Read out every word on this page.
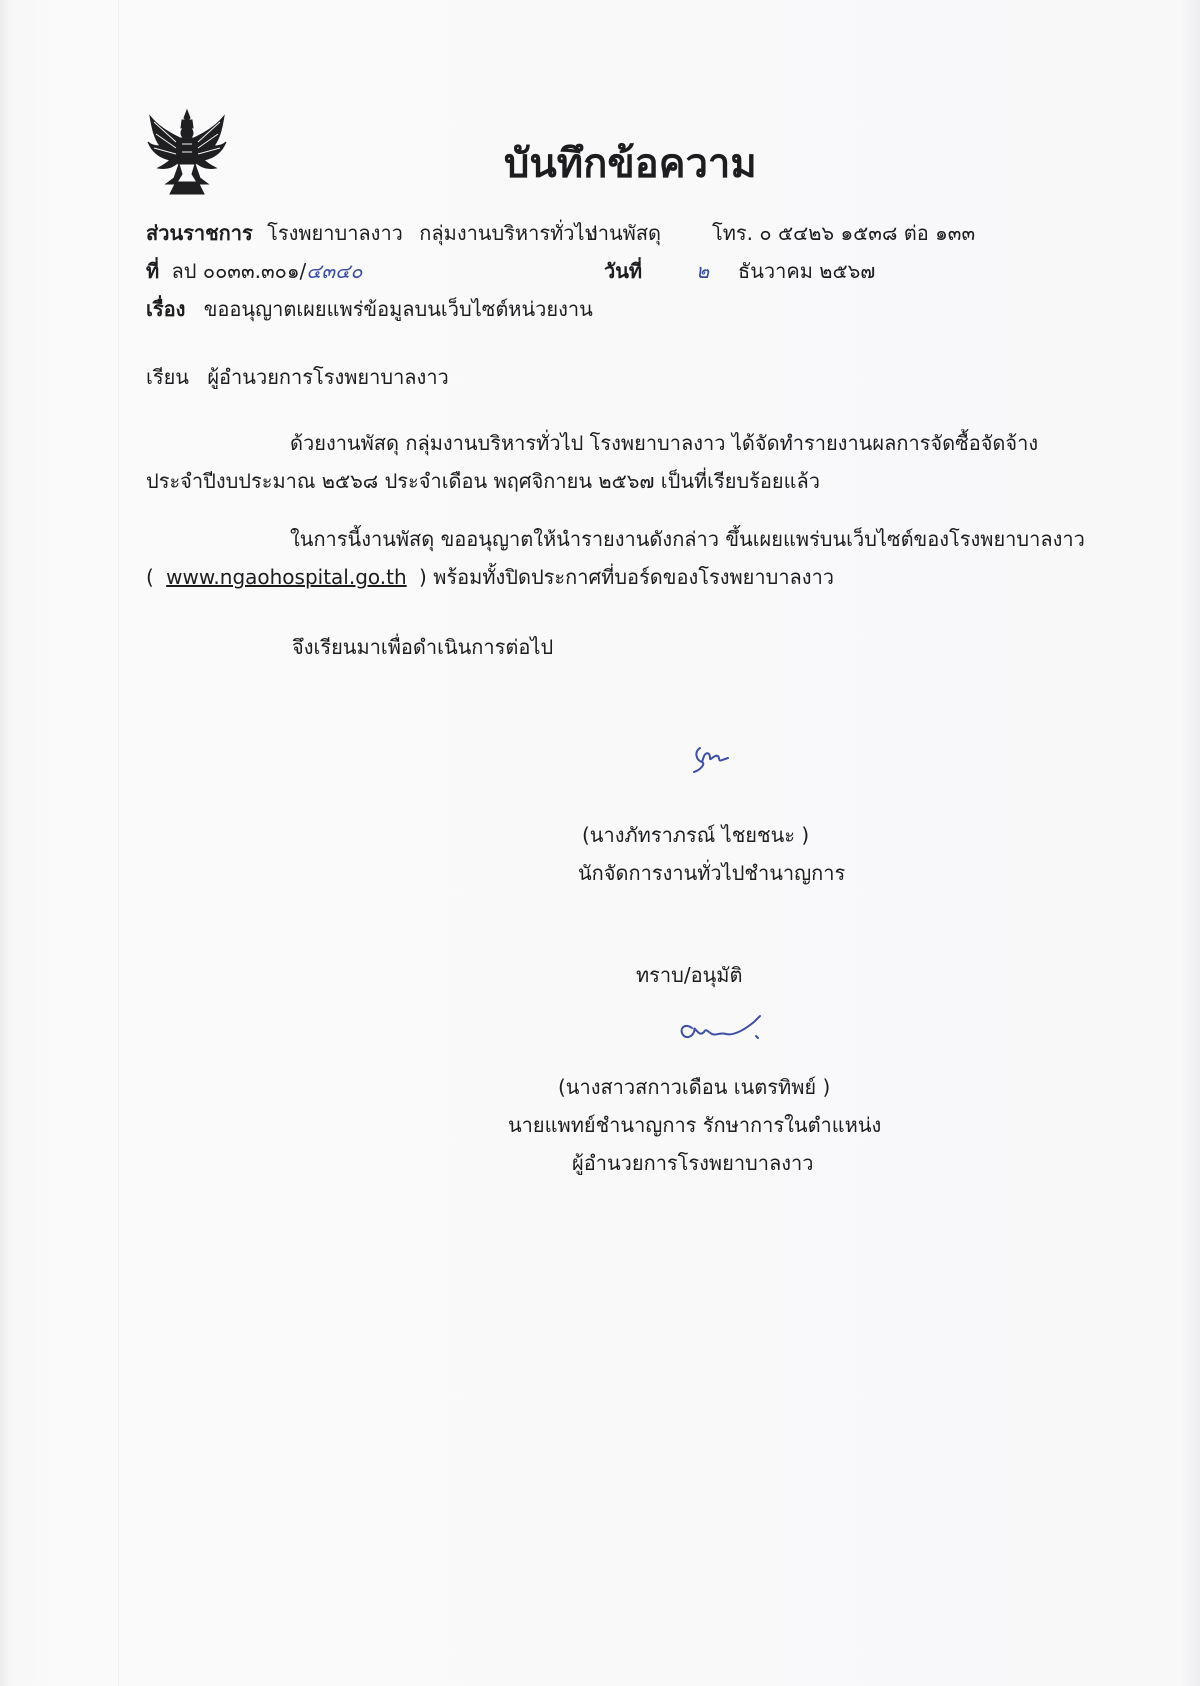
บันทึกข้อความ
ส่วนราชการ โรงพยาบาลงาว กลุ่มงานบริหารทั่วไป
งานพัสดุ	โทร. ๐ ๕๔๒๖ ๑๕๓๘ ต่อ ๑๓๓
ที่ ลป ๐๐๓๓.๓๐๑/๔๓๔๐	วันที่	๒ ธันวาคม ๒๕๖๗
เรื่อง ขออนุญาตเผยแพร่ข้อมูลบนเว็บไซต์หน่วยงาน
เรียน ผู้อำนวยการโรงพยาบาลงาว
ด้วยงานพัสดุ กลุ่มงานบริหารทั่วไป โรงพยาบาลงาว ได้จัดทำรายงานผลการจัดซื้อจัดจ้าง
ประจำปีงบประมาณ ๒๕๖๘ ประจำเดือน พฤศจิกายน ๒๕๖๗ เป็นที่เรียบร้อยแล้ว
ในการนี้งานพัสดุ ขออนุญาตให้นำรายงานดังกล่าว ขึ้นเผยแพร่บนเว็บไซต์ของโรงพยาบาลงาว
( www.ngaohospital.go.th ) พร้อมทั้งปิดประกาศที่บอร์ดของโรงพยาบาลงาว
จึงเรียนมาเพื่อดำเนินการต่อไป
(นางภัทราภรณ์ ไชยชนะ )
นักจัดการงานทั่วไปชำนาญการ
ทราบ/อนุมัติ
(นางสาวสกาวเดือน เนตรทิพย์ )
นายแพทย์ชำนาญการ รักษาการในตำแหน่ง
ผู้อำนวยการโรงพยาบาลงาว
